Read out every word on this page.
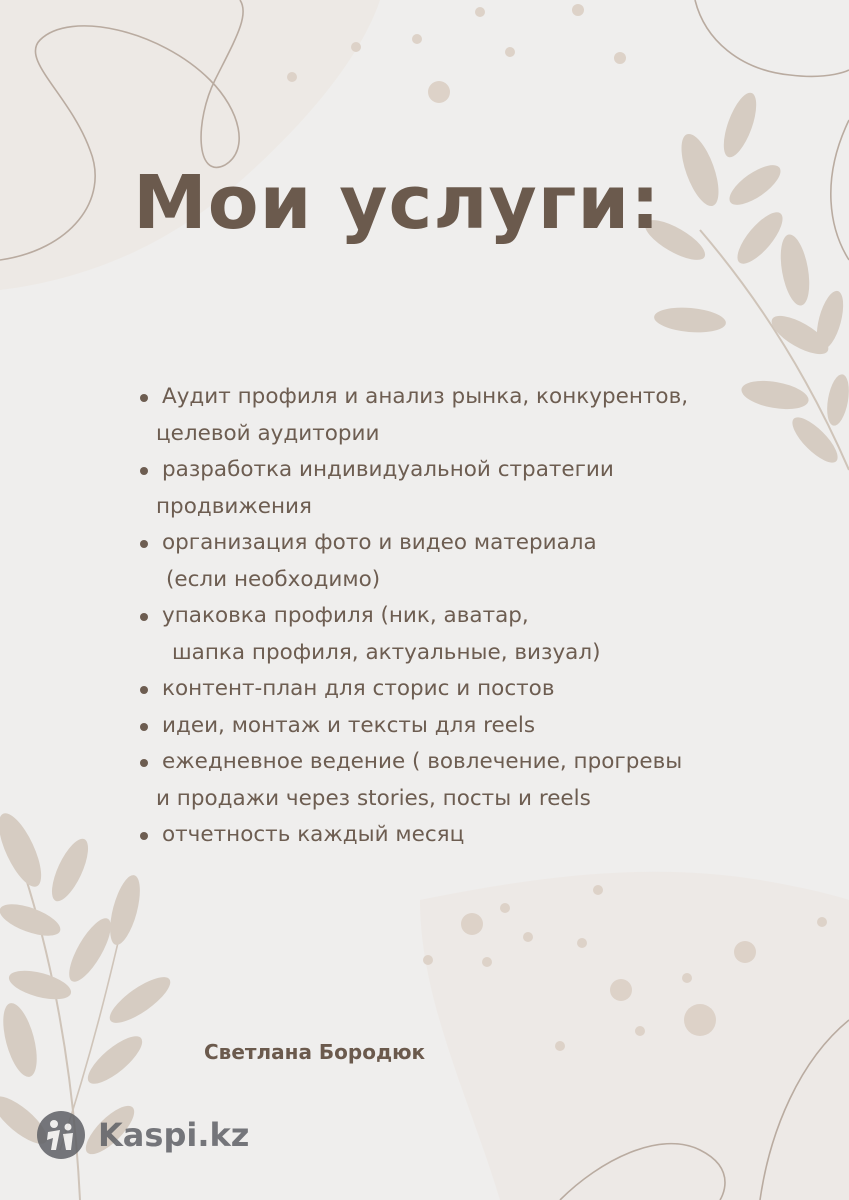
Мои услуги:
Аудит профиля и анализ рынка, конкурентов,
целевой аудитории
разработка индивидуальной стратегии
продвижения
организация фото и видео материала
(если необходимо)
упаковка профиля (ник, аватар,
шапка профиля, актуальные, визуал)
контент-план для сторис и постов
идеи, монтаж и тексты для reels
ежедневное ведение ( вовлечение, прогревы
и продажи через stories, посты и reels
отчетность каждый месяц

Светлана Бородюк

Kaspi.kz
